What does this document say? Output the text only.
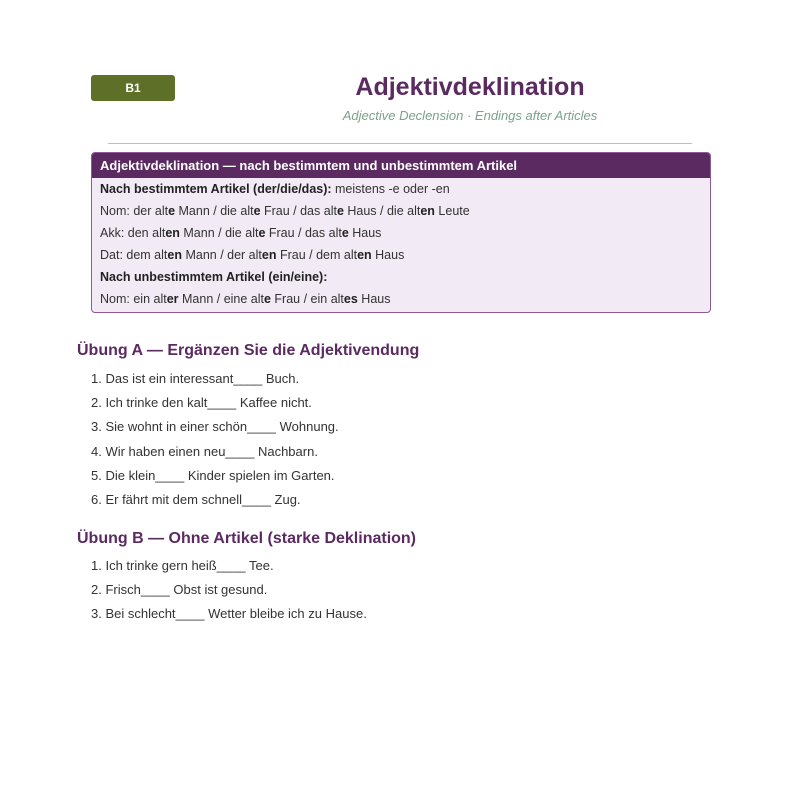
B1	Adjektivdeklination
Adjective Declension · Endings after Articles
Adjektivdeklination — nach bestimmtem und unbestimmtem Artikel
Nach bestimmtem Artikel (der/die/das): meistens -e oder -en
Nom: der alte Mann / die alte Frau / das alte Haus / die alten Leute
Akk: den alten Mann / die alte Frau / das alte Haus
Dat: dem alten Mann / der alten Frau / dem alten Haus
Nach unbestimmtem Artikel (ein/eine):
Nom: ein alter Mann / eine alte Frau / ein altes Haus
Übung A — Ergänzen Sie die Adjektivendung
1. Das ist ein interessant____ Buch.
2. Ich trinke den kalt____ Kaffee nicht.
3. Sie wohnt in einer schön____ Wohnung.
4. Wir haben einen neu____ Nachbarn.
5. Die klein____ Kinder spielen im Garten.
6. Er fährt mit dem schnell____ Zug.
Übung B — Ohne Artikel (starke Deklination)
1. Ich trinke gern heiß____ Tee.
2. Frisch____ Obst ist gesund.
3. Bei schlecht____ Wetter bleibe ich zu Hause.
